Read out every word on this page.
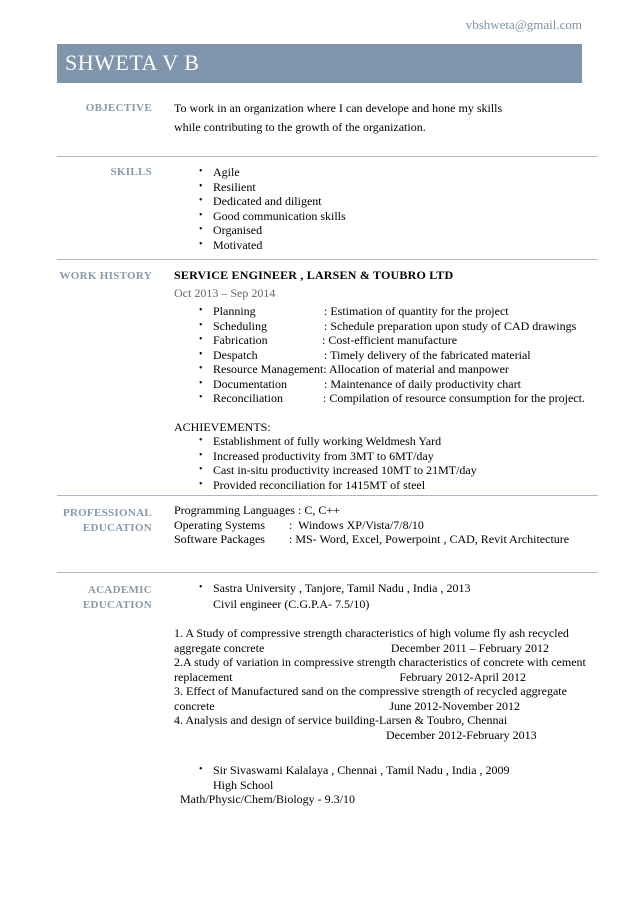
vbshweta@gmail.com
SHWETA V B
OBJECTIVE To work in an organization where I can develope and hone my skills
while contributing to the growth of the organization.
SKILLS
•	Agile
• Resilient
• Dedicated and diligent
• Good communication skills
• Organised
• Motivated
WORK HISTORY SERVICE ENGINEER , LARSEN & TOUBRO LTD
Oct 2013 – Sep 2014
• Planning	: Estimation of quantity for the project
• Scheduling	: Schedule preparation upon study of CAD drawings
• Fabrication	: Cost-efficient manufacture
• Despatch	: Timely delivery of the fabricated material
• Resource Management : Allocation of material and manpower
• Documentation	: Maintenance of daily productivity chart
• Reconciliation	: Compilation of resource consumption for the project.
ACHIEVEMENTS:
• Establishment of fully working Weldmesh Yard
• Increased productivity from 3MT to 6MT/day
• Cast in-situ productivity increased 10MT to 21MT/day
• Provided reconciliation for 1415MT of steel
PROFESSIONAL
EDUCATION
Programming Languages : C, C++
Operating Systems	:  Windows XP/Vista/7/8/10
Software Packages	: MS- Word, Excel, Powerpoint , CAD, Revit Architecture
ACADEMIC
EDUCATION
• Sastra University , Tanjore, Tamil Nadu , India , 2013
Civil engineer (C.G.P.A- 7.5/10)
1. A Study of compressive strength characteristics of high volume fly ash recycled
aggregate concrete	December 2011 – February 2012
2.A study of variation in compressive strength characteristics of concrete with cement
replacement	February 2012-April 2012
3. Effect of Manufactured sand on the compressive strength of recycled aggregate
concrete	June 2012-November 2012
4. Analysis and design of service building-Larsen & Toubro, Chennai
December 2012-February 2013
• Sir Sivaswami Kalalaya , Chennai , Tamil Nadu , India , 2009
High School
Math/Physic/Chem/Biology - 9.3/10
